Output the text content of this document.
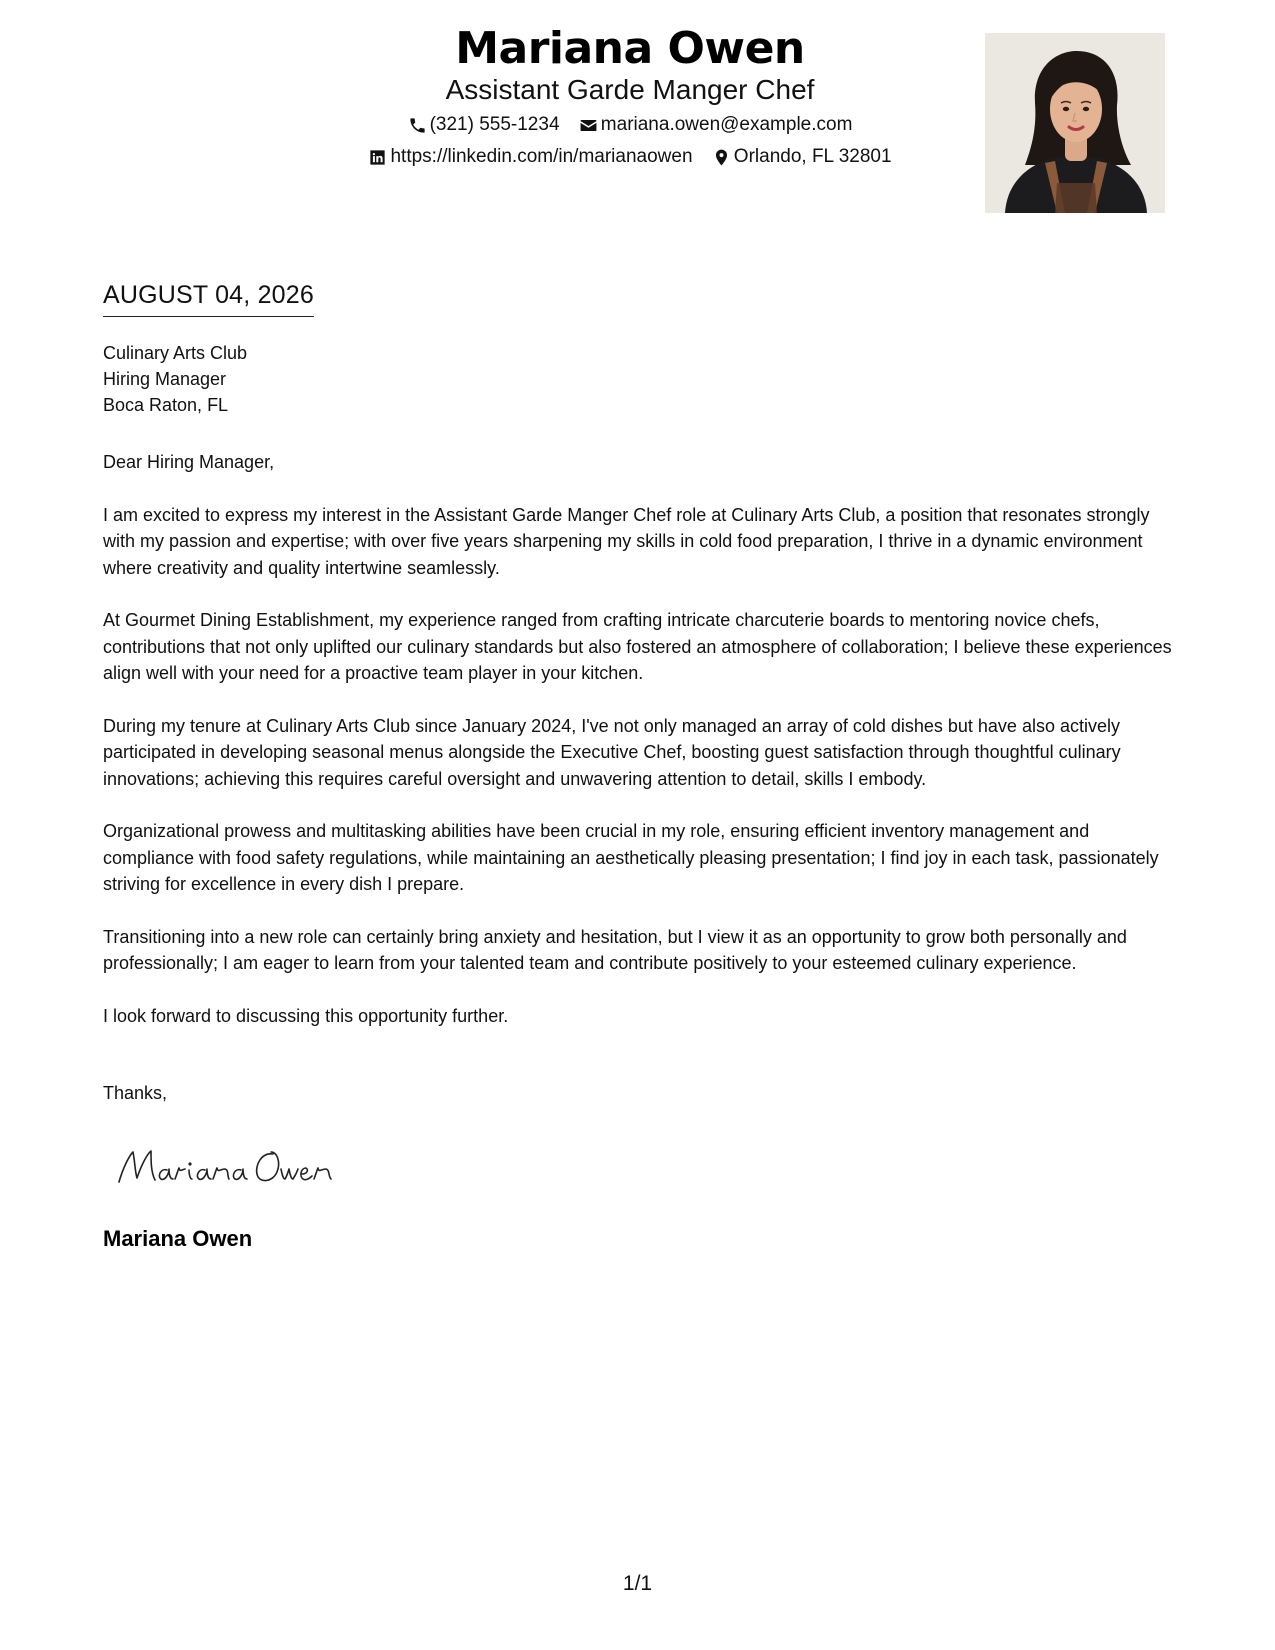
Mariana Owen
Assistant Garde Manger Chef
(321) 555-1234
mariana.owen@example.com
https://linkedin.com/in/marianaowen
Orlando, FL 32801
AUGUST 04, 2026
Culinary Arts Club
Hiring Manager
Boca Raton, FL

Dear Hiring Manager,

I am excited to express my interest in the Assistant Garde Manger Chef role at Culinary Arts Club, a position that resonates strongly with my passion and expertise; with over five years sharpening my skills in cold food preparation, I thrive in a dynamic environment where creativity and quality intertwine seamlessly.

At Gourmet Dining Establishment, my experience ranged from crafting intricate charcuterie boards to mentoring novice chefs, contributions that not only uplifted our culinary standards but also fostered an atmosphere of collaboration; I believe these experiences align well with your need for a proactive team player in your kitchen.

During my tenure at Culinary Arts Club since January 2024, I've not only managed an array of cold dishes but have also actively participated in developing seasonal menus alongside the Executive Chef, boosting guest satisfaction through thoughtful culinary innovations; achieving this requires careful oversight and unwavering attention to detail, skills I embody.

Organizational prowess and multitasking abilities have been crucial in my role, ensuring efficient inventory management and compliance with food safety regulations, while maintaining an aesthetically pleasing presentation; I find joy in each task, passionately striving for excellence in every dish I prepare.

Transitioning into a new role can certainly bring anxiety and hesitation, but I view it as an opportunity to grow both personally and professionally; I am eager to learn from your talented team and contribute positively to your esteemed culinary experience.

I look forward to discussing this opportunity further.

Thanks,
Mariana Owen
1/1
